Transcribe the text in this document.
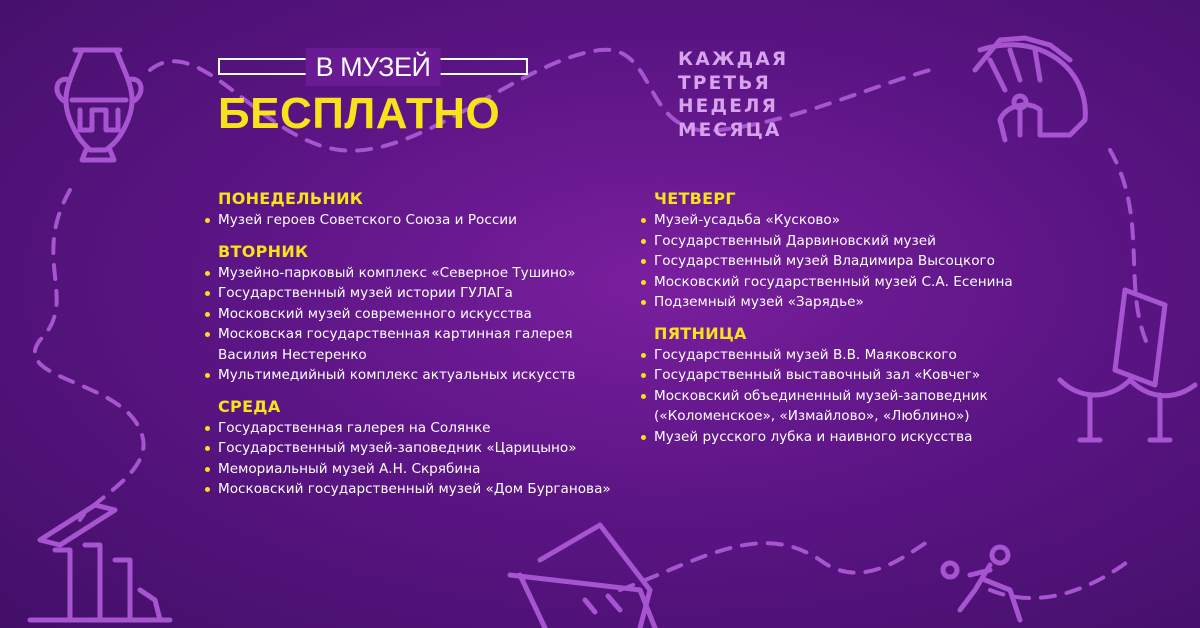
В МУЗЕЙ
БЕСПЛАТНО
КАЖДАЯ
ТРЕТЬЯ
НЕДЕЛЯ
МЕСЯЦА
ПОНЕДЕЛЬНИК
Музей героев Советского Союза и России
ВТОРНИК
Музейно-парковый комплекс «Северное Тушино»
Государственный музей истории ГУЛАГа
Московский музей современного искусства
Московская государственная картинная галерея Василия Нестеренко
Мультимедийный комплекс актуальных искусств
СРЕДА
Государственная галерея на Солянке
Государственный музей-заповедник «Царицыно»
Мемориальный музей А.Н. Скрябина
Московский государственный музей «Дом Бурганова»
ЧЕТВЕРГ
Музей-усадьба «Кусково»
Государственный Дарвиновский музей
Государственный музей Владимира Высоцкого
Московский государственный музей С.А. Есенина
Подземный музей «Зарядье»
ПЯТНИЦА
Государственный музей В.В. Маяковского
Государственный выставочный зал «Ковчег»
Московский объединенный музей-заповедник («Коломенское», «Измайлово», «Люблино»)
Музей русского лубка и наивного искусства
